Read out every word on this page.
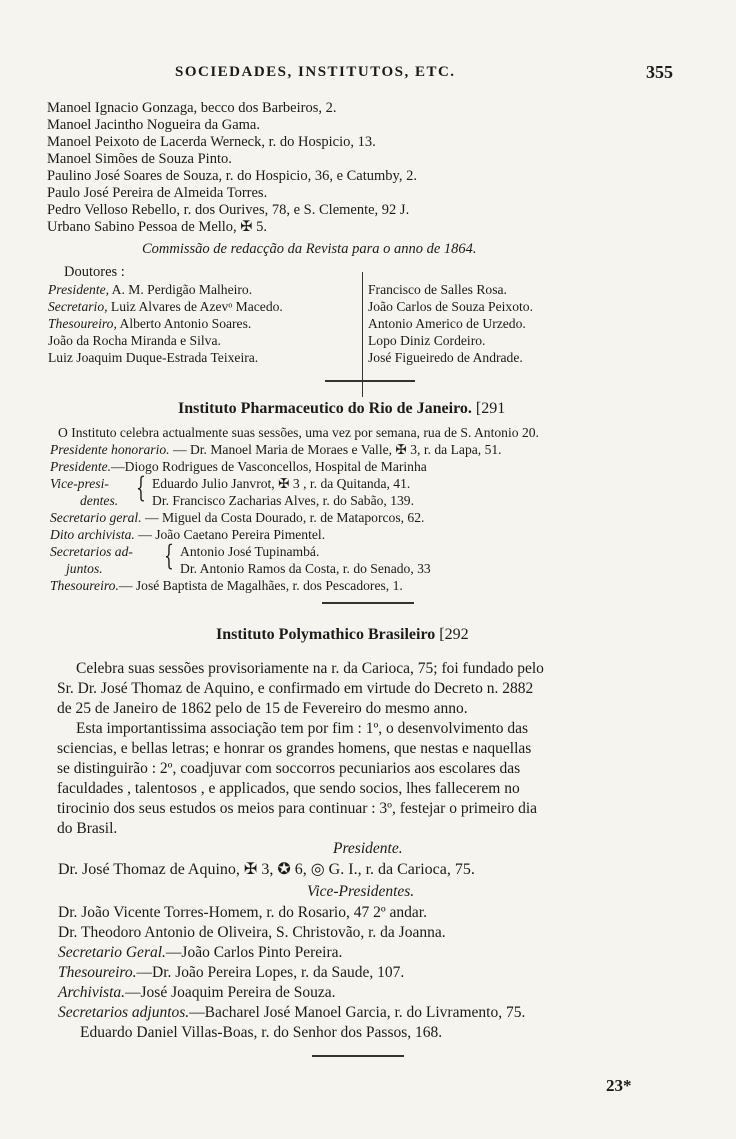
SOCIEDADES, INSTITUTOS, ETC.	355
Manoel Ignacio Gonzaga, becco dos Barbeiros, 2.
Manoel Jacintho Nogueira da Gama.
Manoel Peixoto de Lacerda Werneck, r. do Hospicio, 13.
Manoel Simões de Souza Pinto.
Paulino José Soares de Souza, r. do Hospicio, 36, e Catumby, 2.
Paulo José Pereira de Almeida Torres.
Pedro Velloso Rebello, r. dos Ourives, 78, e S. Clemente, 92 J.
Urbano Sabino Pessoa de Mello, ✠ 5.
Commissão de redacção da Revista para o anno de 1864.
Doutores :
Presidente, A. M. Perdigão Malheiro.
Secretario, Luiz Alvares de Azevᵒ Macedo.
Thesoureiro, Alberto Antonio Soares.
João da Rocha Miranda e Silva.
Luiz Joaquim Duque-Estrada Teixeira.
Francisco de Salles Rosa.
João Carlos de Souza Peixoto.
Antonio Americo de Urzedo.
Lopo Diniz Cordeiro.
José Figueiredo de Andrade.
Instituto Pharmaceutico do Rio de Janeiro. [291
O Instituto celebra actualmente suas sessões, uma vez por semana, rua de S. Antonio 20.
Presidente honorario. — Dr. Manoel Maria de Moraes e Valle, ✠ 3, r. da Lapa, 51.
Presidente.—Diogo Rodrigues de Vasconcellos, Hospital de Marinha
Vice-presi-
dentes. { Eduardo Julio Janvrot, ✠ 3 , r. da Quitanda, 41.
Dr. Francisco Zacharias Alves, r. do Sabão, 139.
Secretario geral. — Miguel da Costa Dourado, r. de Mataporcos, 62.
Dito archivista. — João Caetano Pereira Pimentel.
Secretarios ad-
juntos. { Antonio José Tupinambá.
Dr. Antonio Ramos da Costa, r. do Senado, 33
Thesoureiro.— José Baptista de Magalhães, r. dos Pescadores, 1.
Instituto Polymathico Brasileiro [292
Celebra suas sessões provisoriamente na r. da Carioca, 75; foi fundado pelo
Sr. Dr. José Thomaz de Aquino, e confirmado em virtude do Decreto n. 2882
de 25 de Janeiro de 1862 pelo de 15 de Fevereiro do mesmo anno.
Esta importantissima associação tem por fim : 1º, o desenvolvimento das
sciencias, e bellas letras; e honrar os grandes homens, que nestas e naquellas
se distinguirão : 2º, coadjuvar com soccorros pecuniarios aos escolares das
faculdades , talentosos , e applicados, que sendo socios, lhes fallecerem no
tirocinio dos seus estudos os meios para continuar : 3º, festejar o primeiro dia
do Brasil.
Presidente.
Dr. José Thomaz de Aquino, ✠ 3, ✪ 6, ◎ G. I., r. da Carioca, 75.
Vice-Presidentes.
Dr. João Vicente Torres-Homem, r. do Rosario, 47 2º andar.
Dr. Theodoro Antonio de Oliveira, S. Christovão, r. da Joanna.
Secretario Geral.—João Carlos Pinto Pereira.
Thesoureiro.—Dr. João Pereira Lopes, r. da Saude, 107.
Archivista.—José Joaquim Pereira de Souza.
Secretarios adjuntos.—Bacharel José Manoel Garcia, r. do Livramento, 75.
Eduardo Daniel Villas-Boas, r. do Senhor dos Passos, 168.
23*
